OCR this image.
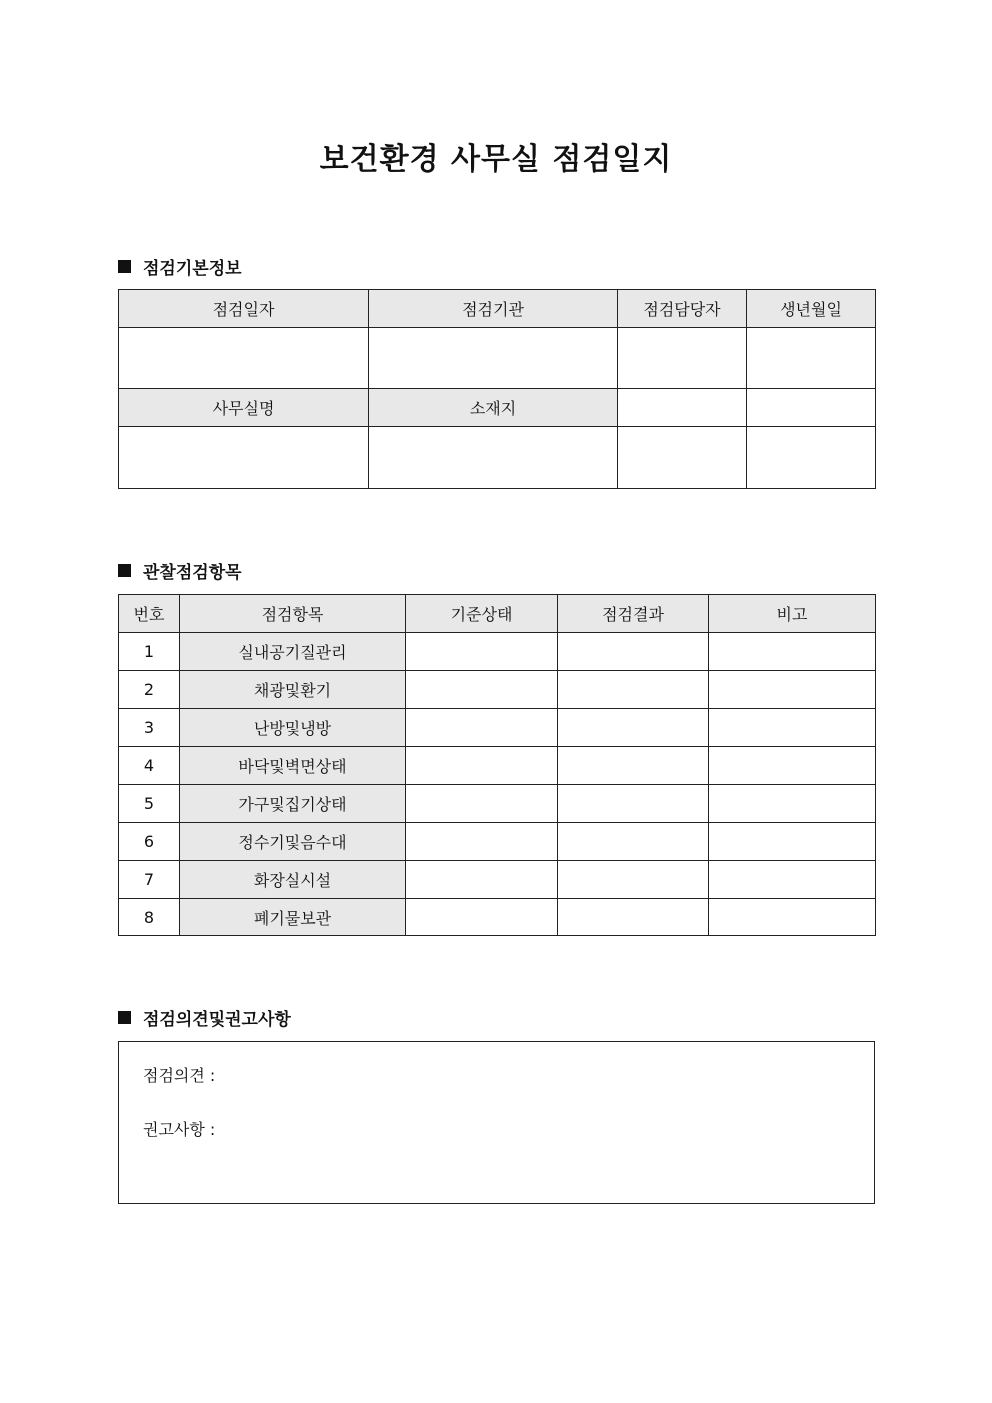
보건환경 사무실 점검일지
점검기본정보
점검일자	점검기관	점검담당자	생년월일

사무실명	소재지		

관찰점검항목
번호	점검항목	기준상태	점검결과	비고
1	실내공기질관리			
2	채광및환기			
3	난방및냉방			
4	바닥및벽면상태			
5	가구및집기상태			
6	정수기및음수대			
7	화장실시설			
8	폐기물보관			
점검의견및권고사항
점검의견 :
권고사항 :
